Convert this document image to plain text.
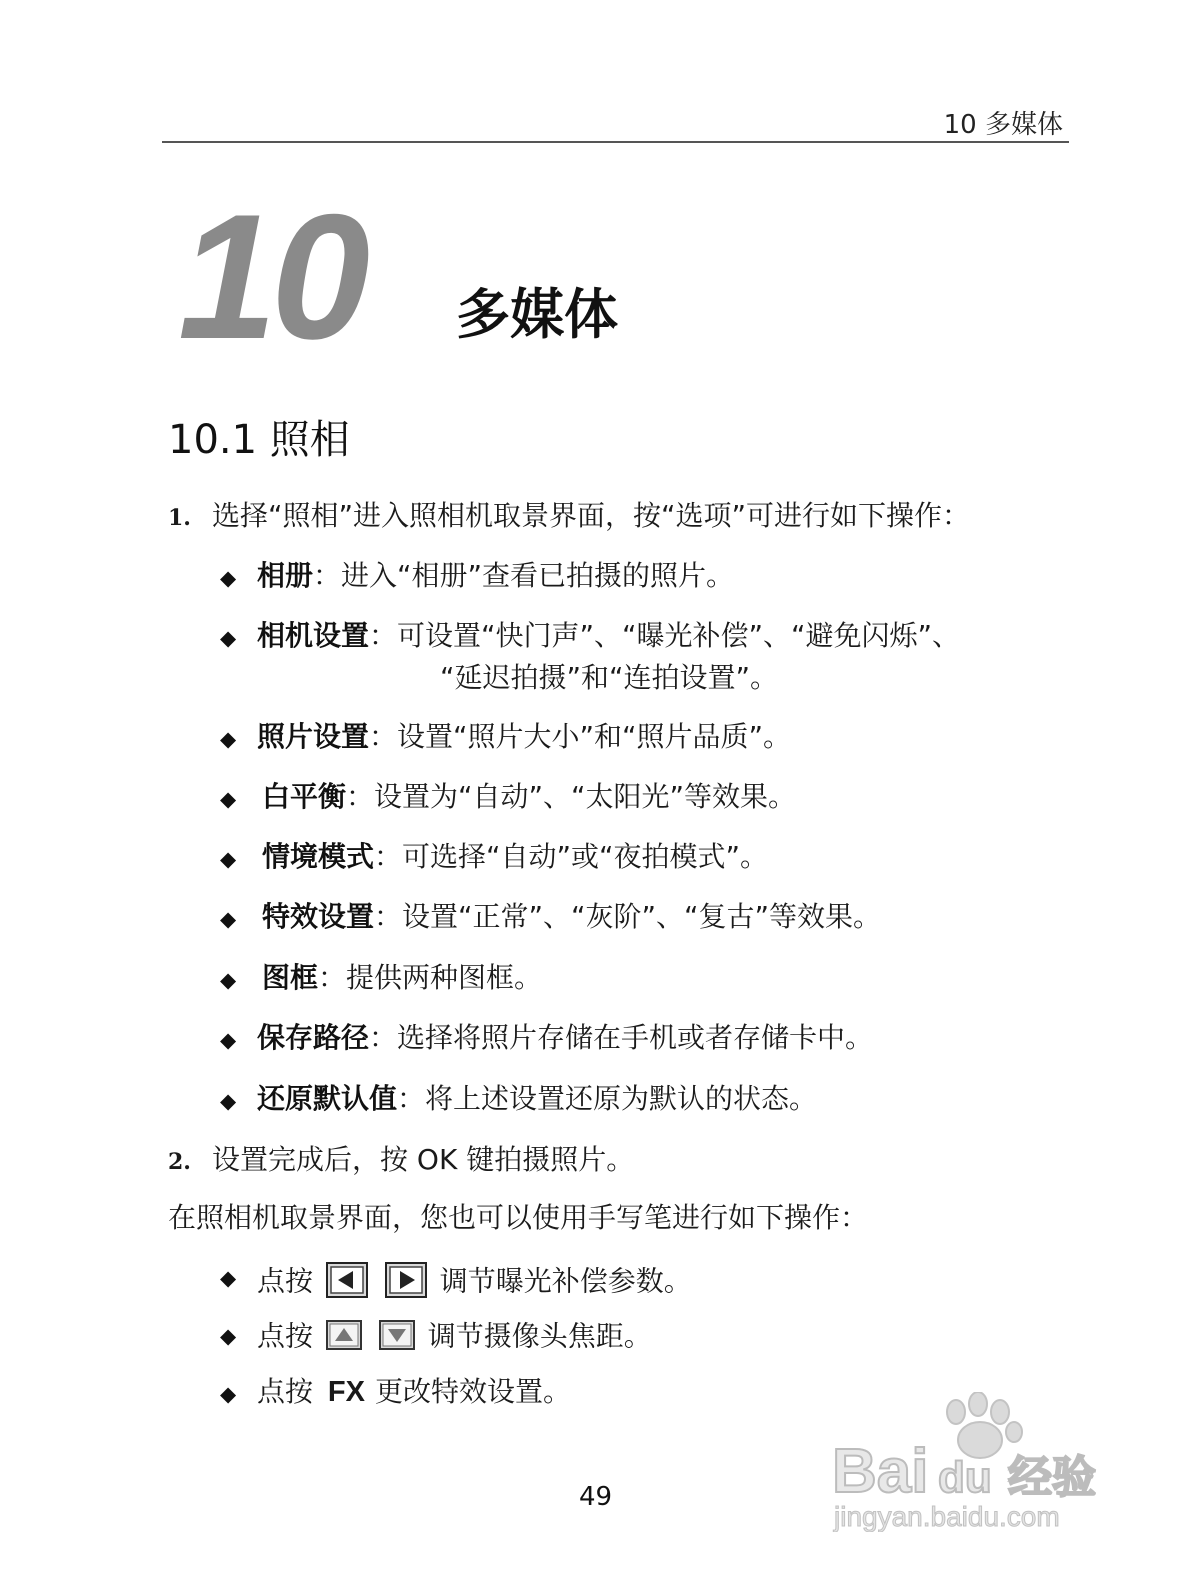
10 多媒体
10 多媒体
10.1 照相
1. 选择“照相”进入照相机取景界面，按“选项”可进行如下操作：
◆ 相册：进入“相册”查看已拍摄的照片。
◆ 相机设置：可设置“快门声”、“曝光补偿”、“避免闪烁”、
“延迟拍摄”和“连拍设置”。
◆ 照片设置：设置“照片大小”和“照片品质”。
◆ 白平衡：设置为“自动”、“太阳光”等效果。
◆ 情境模式：可选择“自动”或“夜拍模式”。
◆ 特效设置：设置“正常”、“灰阶”、“复古”等效果。
◆ 图框：提供两种图框。
◆ 保存路径：选择将照片存储在手机或者存储卡中。
◆ 还原默认值：将上述设置还原为默认的状态。
2. 设置完成后，按 OK 键拍摄照片。
在照相机取景界面，您也可以使用手写笔进行如下操作：
◆ 点按	调节曝光补偿参数。
◆ 点按	调节摄像头焦距。
◆ 点按 FX 更改特效设置。
49	Bai du 经验
jingyan.baidu.com
